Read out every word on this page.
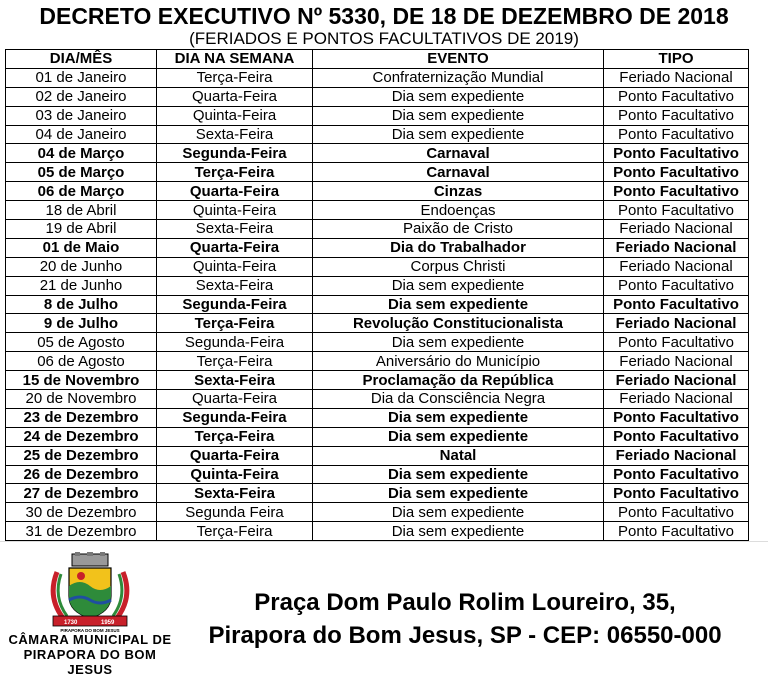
DECRETO EXECUTIVO Nº 5330, DE 18 DE DEZEMBRO DE 2018
(FERIADOS E PONTOS FACULTATIVOS DE 2019)
DIA/MÊS	DIA NA SEMANA	EVENTO	TIPO
01 de Janeiro	Terça-Feira	Confraternização Mundial	Feriado Nacional
02 de Janeiro	Quarta-Feira	Dia sem expediente	Ponto Facultativo
03 de Janeiro	Quinta-Feira	Dia sem expediente	Ponto Facultativo
04 de Janeiro	Sexta-Feira	Dia sem expediente	Ponto Facultativo
04 de Março	Segunda-Feira	Carnaval	Ponto Facultativo
05 de Março	Terça-Feira	Carnaval	Ponto Facultativo
06 de Março	Quarta-Feira	Cinzas	Ponto Facultativo
18 de Abril	Quinta-Feira	Endoenças	Ponto Facultativo
19 de Abril	Sexta-Feira	Paixão de Cristo	Feriado Nacional
01 de Maio	Quarta-Feira	Dia do Trabalhador	Feriado Nacional
20 de Junho	Quinta-Feira	Corpus Christi	Feriado Nacional
21 de Junho	Sexta-Feira	Dia sem expediente	Ponto Facultativo
8 de Julho	Segunda-Feira	Dia sem expediente	Ponto Facultativo
9 de Julho	Terça-Feira	Revolução Constitucionalista	Feriado Nacional
05 de Agosto	Segunda-Feira	Dia sem expediente	Ponto Facultativo
06 de Agosto	Terça-Feira	Aniversário do Município	Feriado Nacional
15 de Novembro	Sexta-Feira	Proclamação da República	Feriado Nacional
20 de Novembro	Quarta-Feira	Dia da Consciência Negra	Feriado Nacional
23 de Dezembro	Segunda-Feira	Dia sem expediente	Ponto Facultativo
24 de Dezembro	Terça-Feira	Dia sem expediente	Ponto Facultativo
25 de Dezembro	Quarta-Feira	Natal	Feriado Nacional
26 de Dezembro	Quinta-Feira	Dia sem expediente	Ponto Facultativo
27 de Dezembro	Sexta-Feira	Dia sem expediente	Ponto Facultativo
30 de Dezembro	Segunda Feira	Dia sem expediente	Ponto Facultativo
31 de Dezembro	Terça-Feira	Dia sem expediente	Ponto Facultativo
1730	1959
PIRAPORA DO BOM JESUS
CÂMARA MUNICIPAL DE
PIRAPORA DO BOM JESUS
Praça Dom Paulo Rolim Loureiro, 35,
Pirapora do Bom Jesus, SP - CEP: 06550-000
